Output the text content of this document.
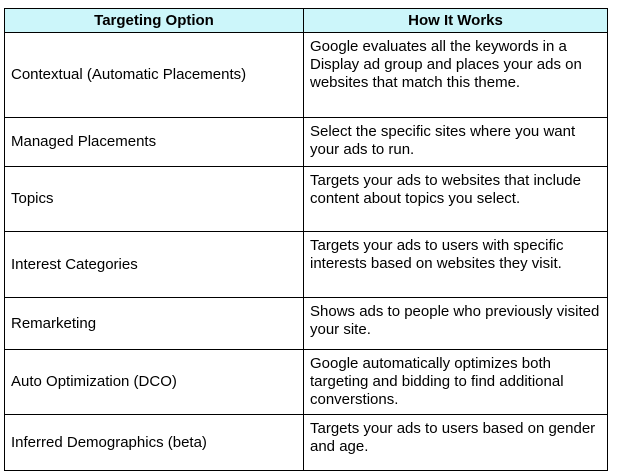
Targeting Option	How It Works
Contextual (Automatic Placements)	Google evaluates all the keywords in a Display ad group and places your ads on websites that match this theme.
Managed Placements	Select the specific sites where you want your ads to run.
Topics	Targets your ads to websites that include content about topics you select.
Interest Categories	Targets your ads to users with specific interests based on websites they visit.
Remarketing	Shows ads to people who previously visited your site.
Auto Optimization (DCO)	Google automatically optimizes both targeting and bidding to find additional converstions.
Inferred Demographics (beta)	Targets your ads to users based on gender and age.
